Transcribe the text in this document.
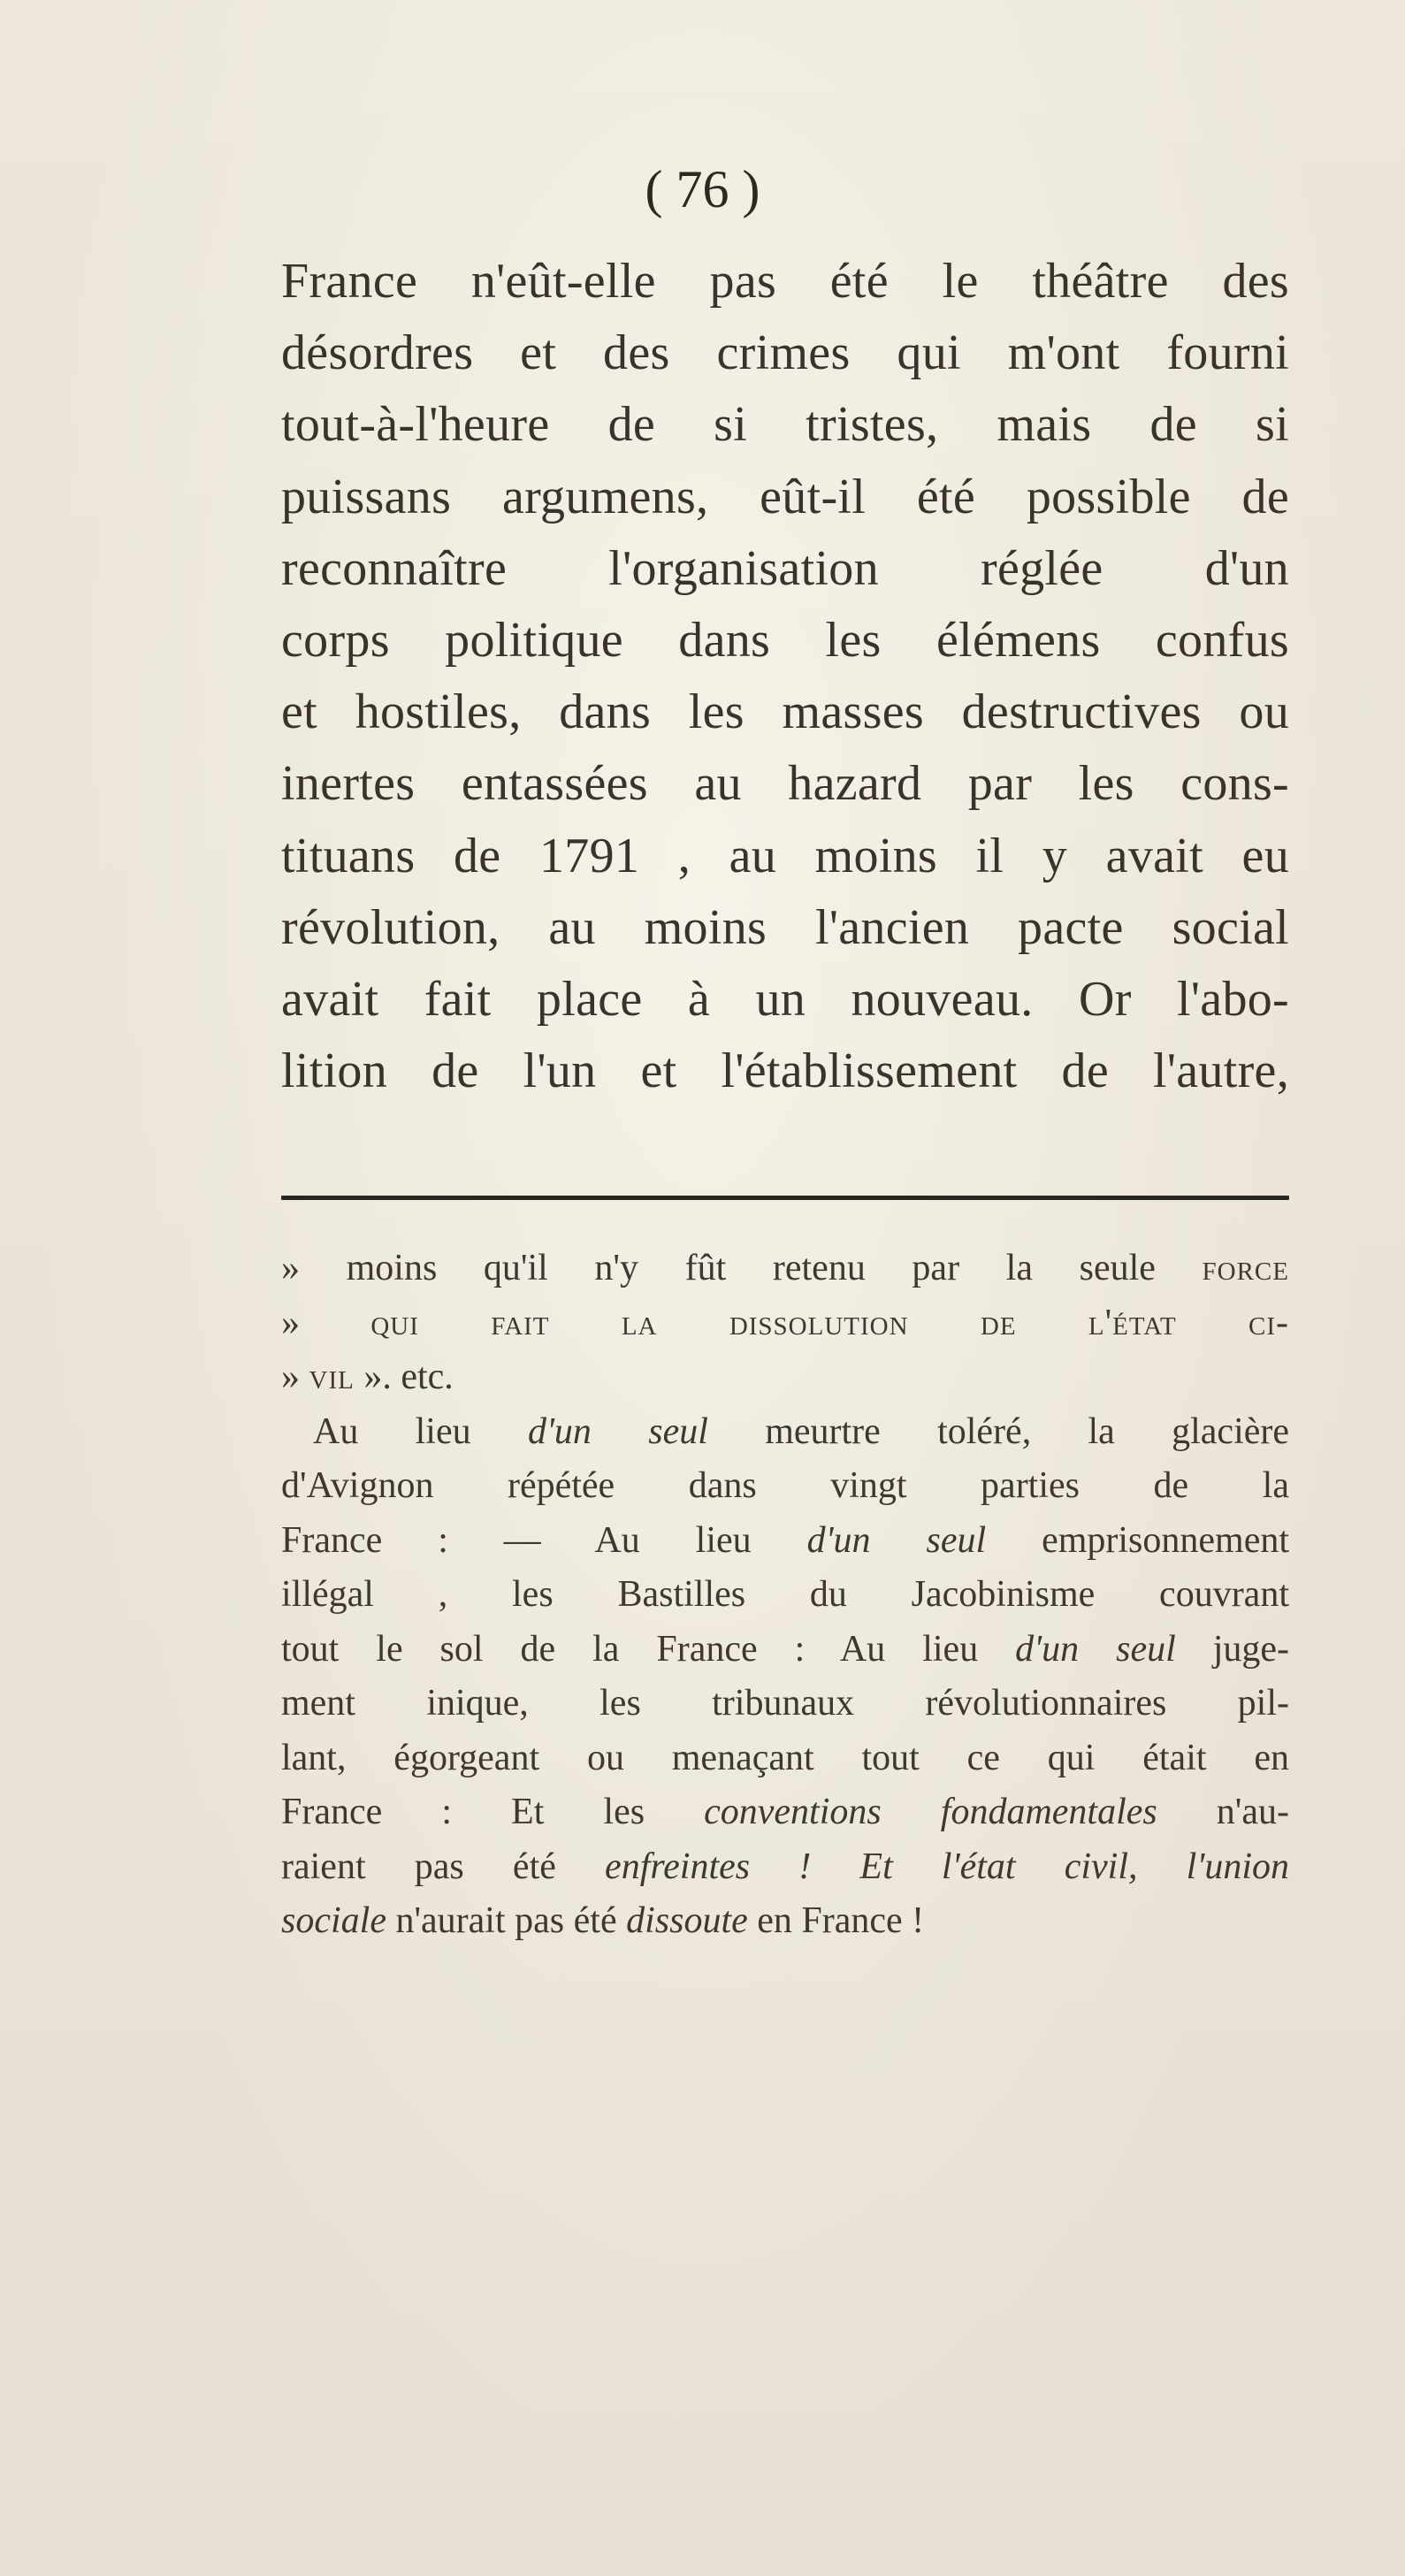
( 76 )
France n'eût-elle pas été le théâtre des
désordres et des crimes qui m'ont fourni
tout-à-l'heure de si tristes, mais de si
puissans argumens, eût-il été possible de
reconnaître l'organisation réglée d'un
corps politique dans les élémens confus
et hostiles, dans les masses destructives ou
inertes entassées au hazard par les cons-
tituans de 1791 , au moins il y avait eu
révolution, au moins l'ancien pacte social
avait fait place à un nouveau. Or l'abo-
lition de l'un et l'établissement de l'autre,
» moins qu'il n'y fût retenu par la seule force
» qui fait la dissolution de l'état ci-
» vil ». etc.
Au lieu d'un seul meurtre toléré, la glacière
d'Avignon répétée dans vingt parties de la
France : — Au lieu d'un seul emprisonnement
illégal , les Bastilles du Jacobinisme couvrant
tout le sol de la France : Au lieu d'un seul juge-
ment inique, les tribunaux révolutionnaires pil-
lant, égorgeant ou menaçant tout ce qui était en
France : Et les conventions fondamentales n'au-
raient pas été enfreintes ! Et l'état civil, l'union
sociale n'aurait pas été dissoute en France !
